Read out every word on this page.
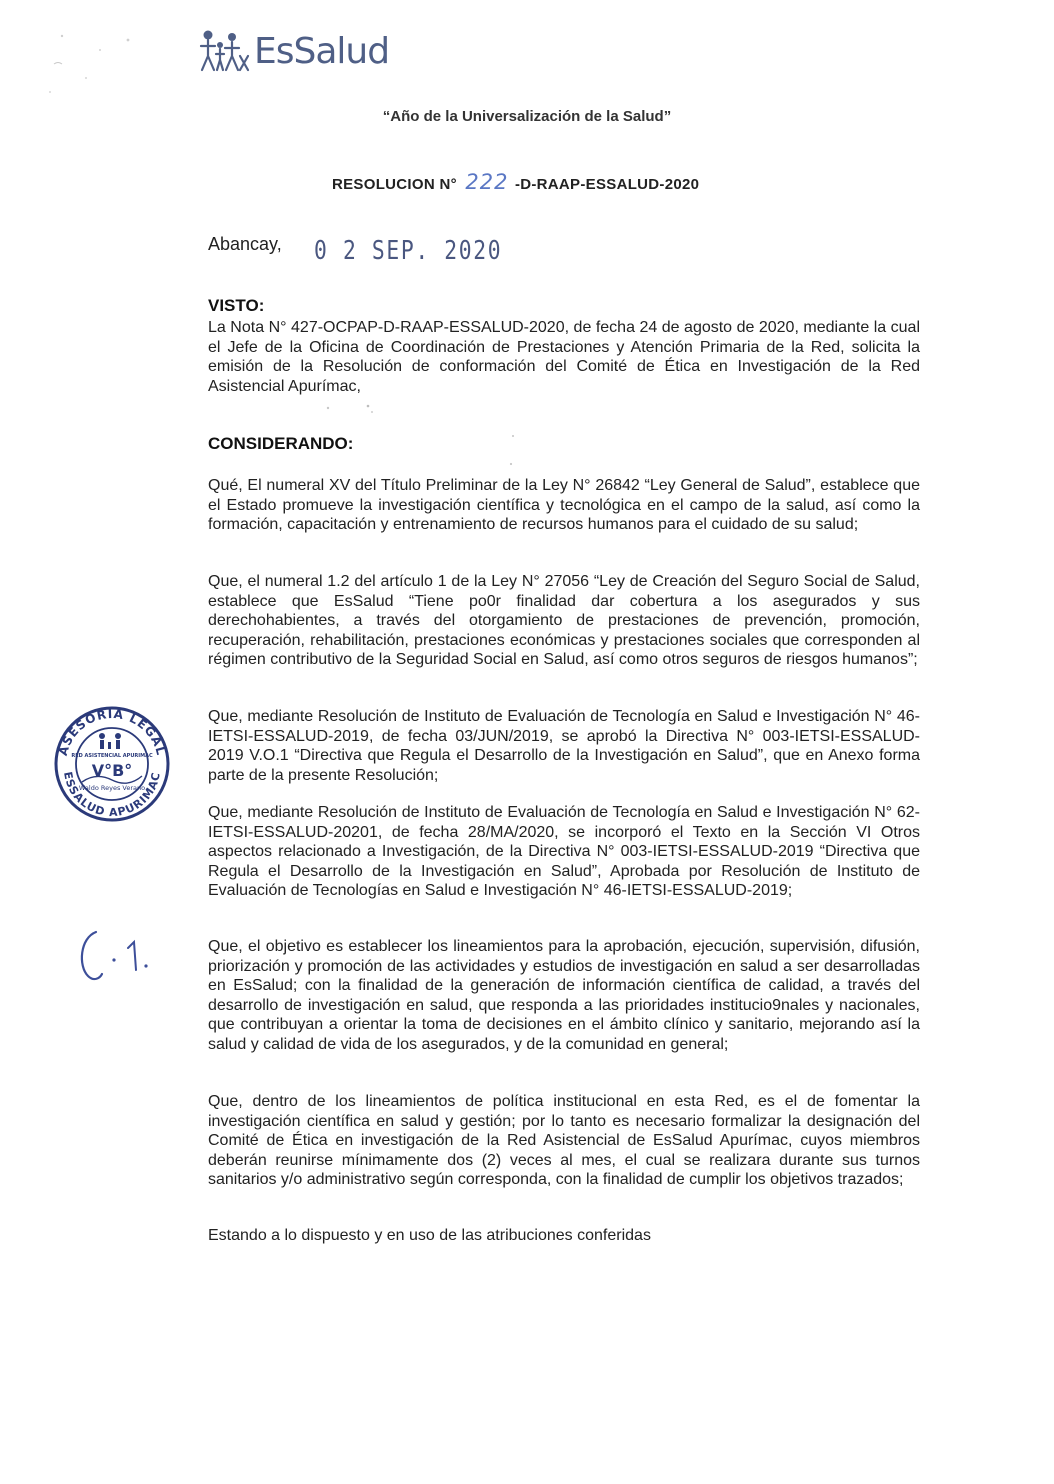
EsSalud
“Año de la Universalización de la Salud”
RESOLUCION N° 222 -D-RAAP-ESSALUD-2020
Abancay, 0 2 SEP. 2020
VISTO:
La Nota N° 427-OCPAP-D-RAAP-ESSALUD-2020, de fecha 24 de agosto de 2020, mediante la cual el Jefe de la Oficina de Coordinación de Prestaciones y Atención Primaria de la Red, solicita la emisión de la Resolución de conformación del Comité de Ética en Investigación de la Red Asistencial Apurímac,
CONSIDERANDO:
Qué, El numeral XV del Título Preliminar de la Ley N° 26842 “Ley General de Salud”, establece que el Estado promueve la investigación científica y tecnológica en el campo de la salud, así como la formación, capacitación y entrenamiento de recursos humanos para el cuidado de su salud;
Que, el numeral 1.2 del artículo 1 de la Ley N° 27056 “Ley de Creación del Seguro Social de Salud, establece que EsSalud “Tiene po0r finalidad dar cobertura a los asegurados y sus derechohabientes, a través del otorgamiento de prestaciones de prevención, promoción, recuperación, rehabilitación, prestaciones económicas y prestaciones sociales que corresponden al régimen contributivo de la Seguridad Social en Salud, así como otros seguros de riesgos humanos”;
Que, mediante Resolución de Instituto de Evaluación de Tecnología en Salud e Investigación N° 46-IETSI-ESSALUD-2019, de fecha 03/JUN/2019, se aprobó la Directiva N° 003-IETSI-ESSALUD-2019 V.O.1 “Directiva que Regula el Desarrollo de la Investigación en Salud”, que en Anexo forma parte de la presente Resolución;
Que, mediante Resolución de Instituto de Evaluación de Tecnología en Salud e Investigación N° 62-IETSI-ESSALUD-20201, de fecha 28/MA/2020, se incorporó el Texto en la Sección VI Otros aspectos relacionado a Investigación, de la Directiva N° 003-IETSI-ESSALUD-2019 “Directiva que Regula el Desarrollo de la Investigación en Salud”, Aprobada por Resolución de Instituto de Evaluación de Tecnologías en Salud e Investigación N° 46-IETSI-ESSALUD-2019;
Que, el objetivo es establecer los lineamientos para la aprobación, ejecución, supervisión, difusión, priorización y promoción de las actividades y estudios de investigación en salud a ser desarrolladas en EsSalud; con la finalidad de la generación de información científica de calidad, a través del desarrollo de investigación en salud, que responda a las prioridades institucio9nales y nacionales, que contribuyan a orientar la toma de decisiones en el ámbito clínico y sanitario, mejorando así la salud y calidad de vida de los asegurados, y de la comunidad en general;
Que, dentro de los lineamientos de política institucional en esta Red, es el de fomentar la investigación científica en salud y gestión; por lo tanto es necesario formalizar la designación del Comité de Ética en investigación de la Red Asistencial de EsSalud Apurímac, cuyos miembros deberán reunirse mínimamente dos (2) veces al mes, el cual se realizara durante sus turnos sanitarios y/o administrativo según corresponda, con la finalidad de cumplir los objetivos trazados;
Estando a lo dispuesto y en uso de las atribuciones conferidas
ASESORIA LEGAL
ESSALUD APURIMAC
RED ASISTENCIAL APURIMAC
V°B°
Waldo Reyes Verano
